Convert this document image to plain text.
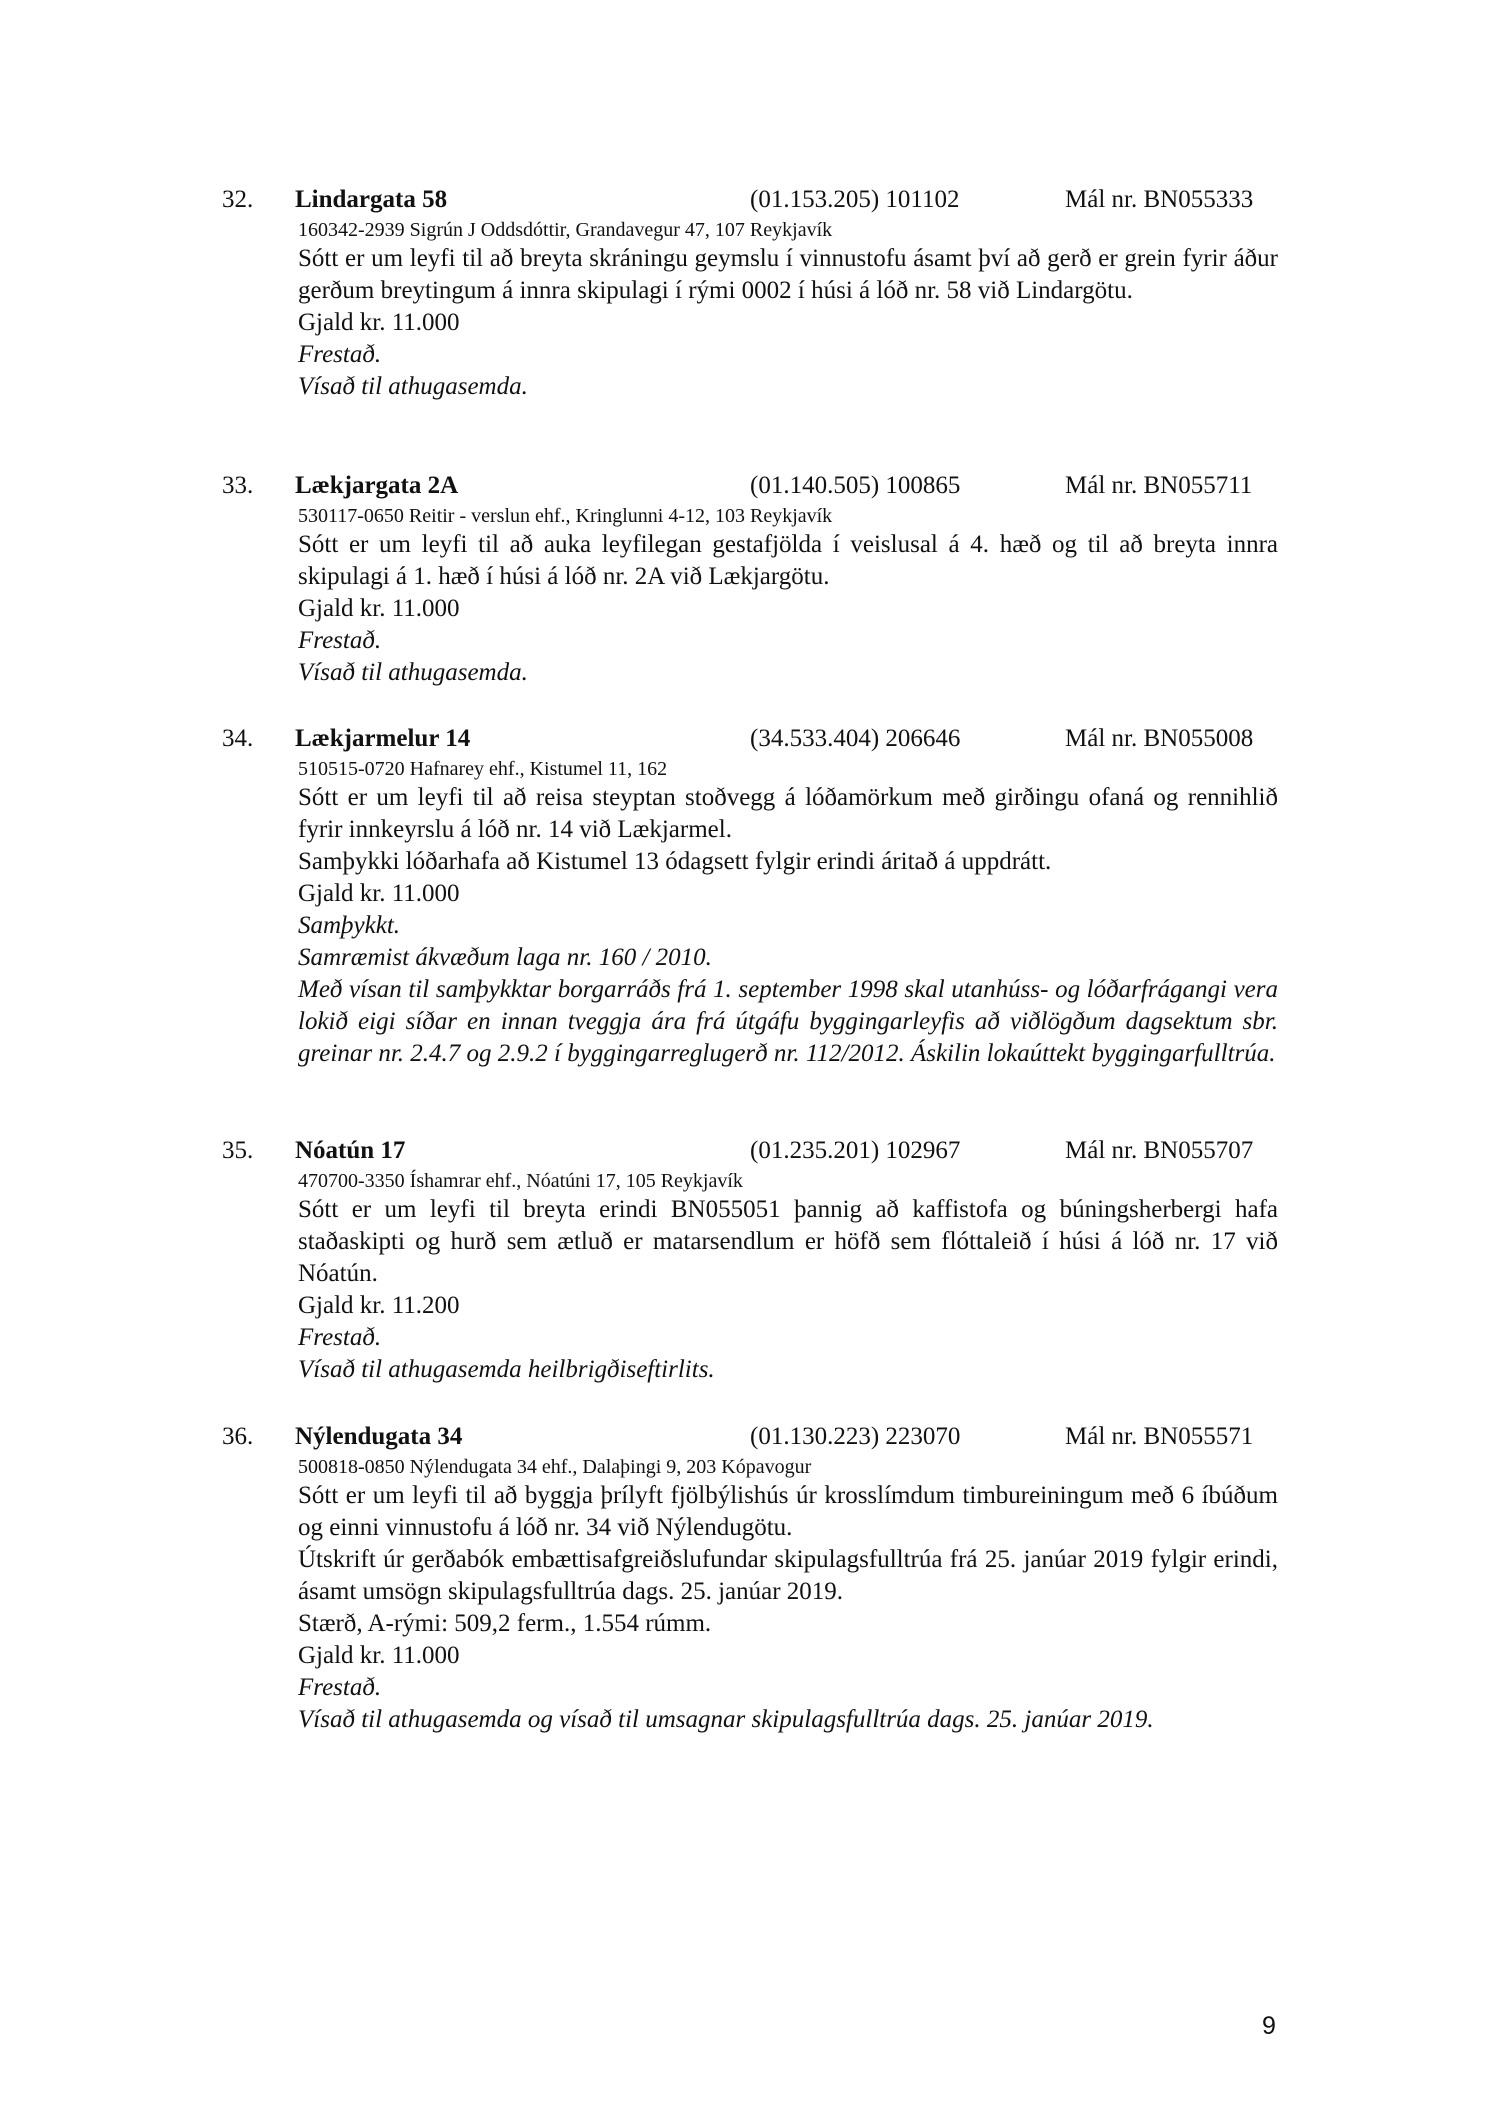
32. Lindargata 58	(01.153.205) 101102	Mál nr. BN055333
160342-2939 Sigrún J Oddsdóttir, Grandavegur 47, 107 Reykjavík

Sótt er um leyfi til að breyta skráningu geymslu í vinnustofu ásamt því að gerð er grein fyrir áður gerðum breytingum á innra skipulagi í rými 0002 í húsi á lóð nr. 58 við Lindargötu.

Gjald kr. 11.000

Frestað.

Vísað til athugasemda.

33. Lækjargata 2A	(01.140.505) 100865	Mál nr. BN055711
530117-0650 Reitir - verslun ehf., Kringlunni 4-12, 103 Reykjavík

Sótt er um leyfi til að auka leyfilegan gestafjölda í veislusal á 4. hæð og til að breyta innra skipulagi á 1. hæð í húsi á lóð nr. 2A við Lækjargötu.

Gjald kr. 11.000

Frestað.

Vísað til athugasemda.

34. Lækjarmelur 14	(34.533.404) 206646	Mál nr. BN055008
510515-0720 Hafnarey ehf., Kistumel 11, 162

Sótt er um leyfi til að reisa steyptan stoðvegg á lóðamörkum með girðingu ofaná og rennihlið fyrir innkeyrslu á lóð nr. 14 við Lækjarmel.

Samþykki lóðarhafa að Kistumel 13 ódagsett fylgir erindi áritað á uppdrátt.

Gjald kr. 11.000

Samþykkt.

Samræmist ákvæðum laga nr. 160 / 2010.

Með vísan til samþykktar borgarráðs frá 1. september 1998 skal utanhúss- og lóðarfrágangi vera lokið eigi síðar en innan tveggja ára frá útgáfu byggingarleyfis að viðlögðum dagsektum sbr. greinar nr. 2.4.7 og 2.9.2 í byggingarreglugerð nr. 112/2012. Áskilin lokaúttekt byggingarfulltrúa.

35. Nóatún 17	(01.235.201) 102967	Mál nr. BN055707
470700-3350 Íshamrar ehf., Nóatúni 17, 105 Reykjavík

Sótt er um leyfi til breyta erindi BN055051 þannig að kaffistofa og búningsherbergi hafa staðaskipti og hurð sem ætluð er matarsendlum er höfð sem flóttaleið í húsi á lóð nr. 17 við Nóatún.

Gjald kr. 11.200

Frestað.

Vísað til athugasemda heilbrigðiseftirlits.

36. Nýlendugata 34	(01.130.223) 223070	Mál nr. BN055571
500818-0850 Nýlendugata 34 ehf., Dalaþingi 9, 203 Kópavogur

Sótt er um leyfi til að byggja þrílyft fjölbýlishús úr krosslímdum timbureiningum með 6 íbúðum og einni vinnustofu á lóð nr. 34 við Nýlendugötu.

Útskrift úr gerðabók embættisafgreiðslufundar skipulagsfulltrúa frá 25. janúar 2019 fylgir erindi, ásamt umsögn skipulagsfulltrúa dags. 25. janúar 2019.

Stærð, A-rými: 509,2 ferm., 1.554 rúmm.

Gjald kr. 11.000

Frestað.

Vísað til athugasemda og vísað til umsagnar skipulagsfulltrúa dags. 25. janúar 2019.

9
